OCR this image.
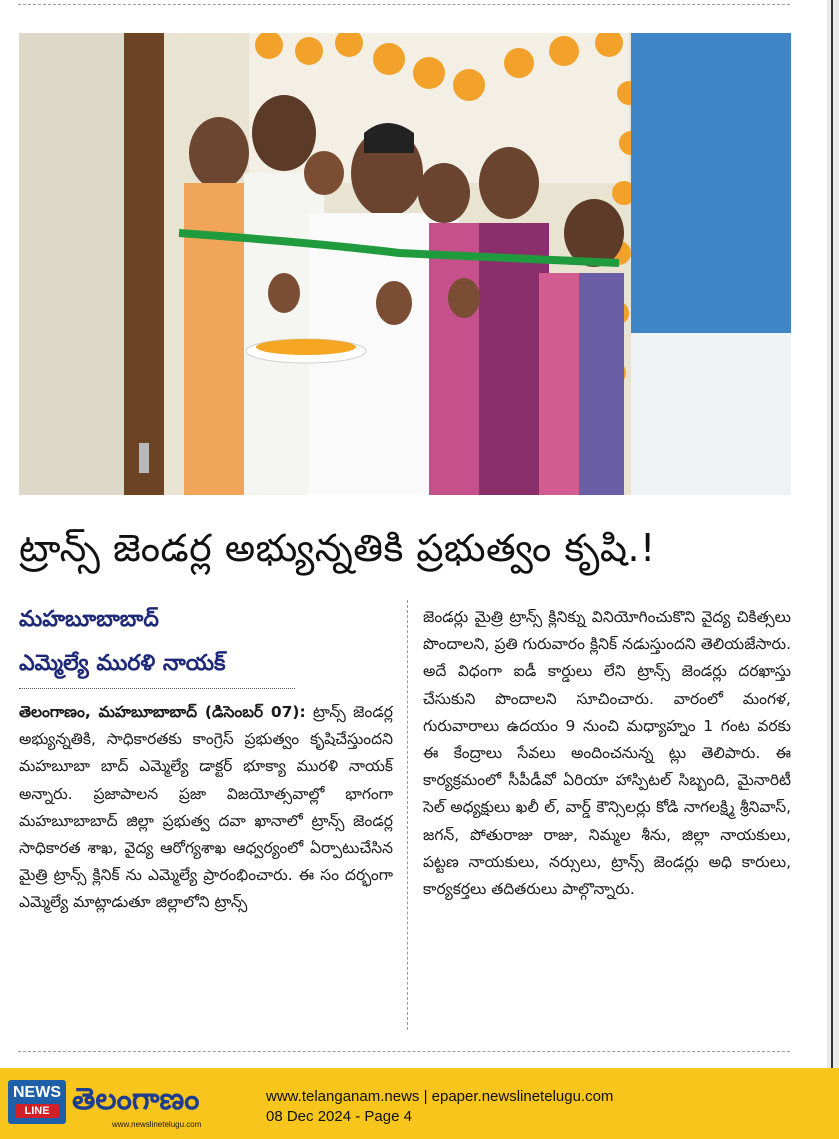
ట్రాన్స్ జెండర్ల అభ్యున్నతికి ప్రభుత్వం కృషి.!
మహబూబాబాద్
ఎమ్మెల్యే మురళి నాయక్

తెలంగాణం, మహబూబాబాద్ (డిసెంబర్ 07): ట్రాన్స్ జెండర్ల అభ్యున్నతికి, సాధికారతకు కాంగ్రెస్ ప్రభుత్వం కృషిచేస్తుందని మహబూబా బాద్ ఎమ్మెల్యే డాక్టర్ భూక్యా మురళి నాయక్ అన్నారు. ప్రజాపాలన ప్రజా విజయోత్సవాల్లో భాగంగా మహబూబాబాద్ జిల్లా ప్రభుత్వ దవా ఖానాలో ట్రాన్స్ జెండర్ల సాధికారత శాఖ, వైద్య ఆరోగ్యశాఖ ఆధ్వర్యంలో ఏర్పాటుచేసిన మైత్రి ట్రాన్స్ క్లినిక్ ను ఎమ్మెల్యే ప్రారంభించారు. ఈ సం దర్భంగా ఎమ్మెల్యే మాట్లాడుతూ జిల్లాలోని ట్రాన్స్

జెండర్లు మైత్రి ట్రాన్స్ క్లినిక్ను వినియోగించుకొని వైద్య చికిత్సలు పొందాలని, ప్రతి గురువారం క్లినిక్ నడుస్తుందని తెలియజేసారు. అదే విధంగా ఐడీ కార్డులు లేని ట్రాన్స్ జెండర్లు దరఖాస్తు చేసుకుని పొందాలని సూచించారు. వారంలో మంగళ, గురువారాలు ఉదయం 9 నుంచి మధ్యాహ్నం 1 గంట వరకు ఈ కేంద్రాలు సేవలు అందించనున్న ట్లు తెలిపారు. ఈ కార్యక్రమంలో సీపీడీవో ఏరియా హాస్పిటల్ సిబ్బంది, మైనారిటీ సెల్ అధ్యక్షులు ఖలీ ల్, వార్డ్ కౌన్సిలర్లు కోడి నాగలక్ష్మి శ్రీనివాస్, జగన్, పోతురాజు రాజు, నిమ్మల శీను, జిల్లా నాయకులు, పట్టణ నాయకులు, నర్సులు, ట్రాన్స్ జెండర్లు అధి కారులు, కార్యకర్తలు తదితరులు పాల్గొన్నారు.

NEWS
LINE తెలంగాణం
www.newslinetelugu.com
www.telanganam.news | epaper.newslinetelugu.com
08 Dec 2024 - Page 4
